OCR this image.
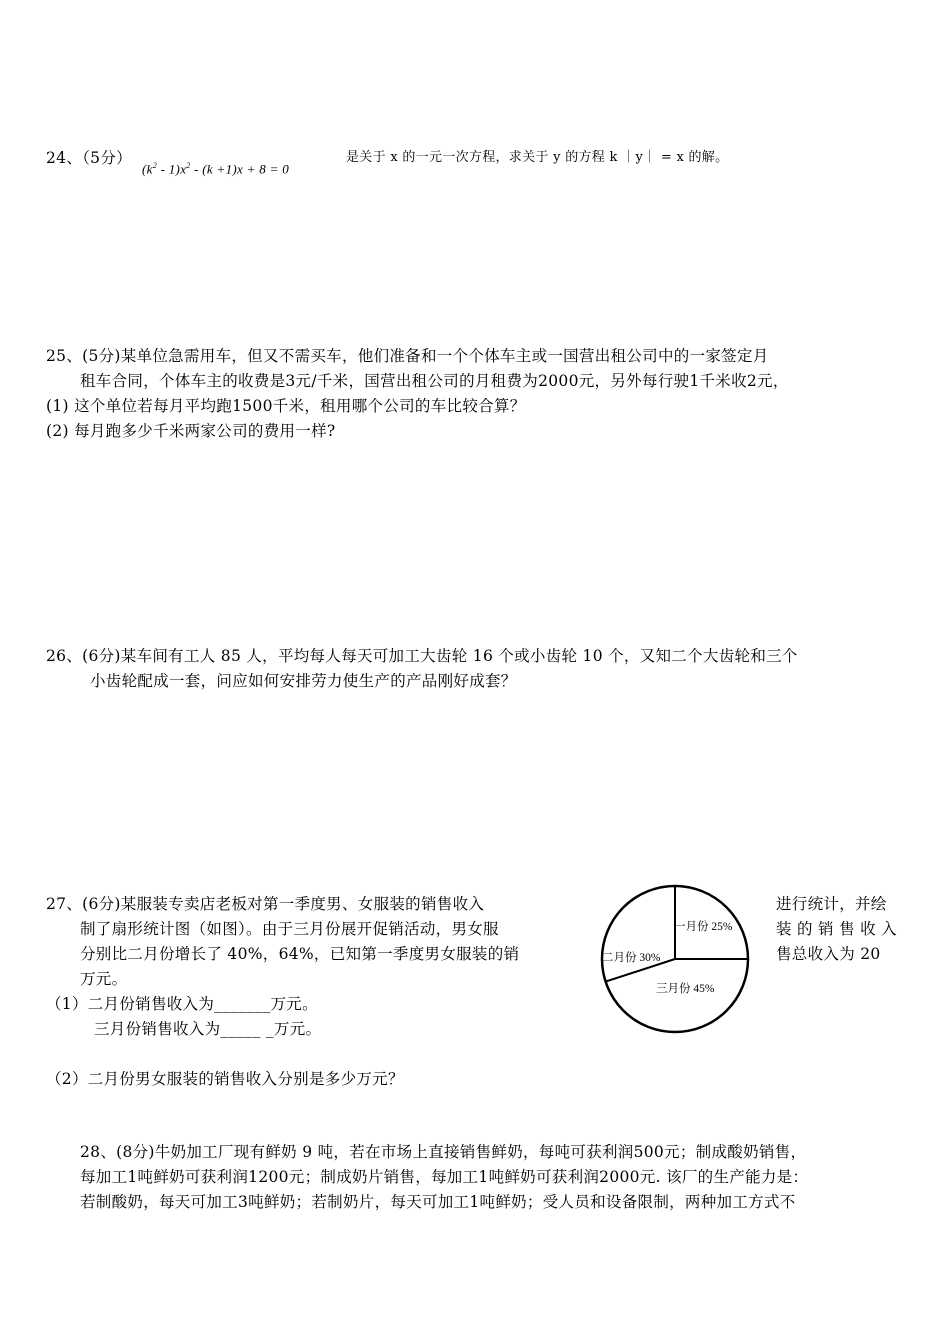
24、（5分）
$(k^2 - 1)x^2 - (k +1)x + 8 = 0$
是关于 x 的一元一次方程，求关于 y 的方程 k ｜y｜ = x 的解。
25、(5分)某单位急需用车，但又不需买车，他们准备和一个个体车主或一国营出租公司中的一家签定月
租车合同，个体车主的收费是3元/千米，国营出租公司的月租费为2000元，另外每行驶1千米收2元，
(1) 这个单位若每月平均跑1500千米，租用哪个公司的车比较合算？
(2) 每月跑多少千米两家公司的费用一样?
26、(6分)某车间有工人 85 人，平均每人每天可加工大齿轮 16 个或小齿轮 10 个，又知二个大齿轮和三个
小齿轮配成一套，问应如何安排劳力使生产的产品刚好成套？
27、(6分)某服装专卖店老板对第一季度男、女服装的销售收入	进行统计，并绘
制了扇形统计图（如图）。由于三月份展开促销活动，男女服	装 的 销 售 收 入
分别比二月份增长了 40%，64%，已知第一季度男女服装的销	售总收入为 20
万元。
（1）二月份销售收入为_______万元。
三月份销售收入为_____ _万元。
（2）二月份男女服装的销售收入分别是多少万元？
一月份 25%
三月份 45%
二月份 30%
28、(8分)牛奶加工厂现有鲜奶 9 吨，若在市场上直接销售鲜奶，每吨可获利润500元；制成酸奶销售，
每加工1吨鲜奶可获利润1200元；制成奶片销售，每加工1吨鲜奶可获利润2000元. 该厂的生产能力是：
若制酸奶，每天可加工3吨鲜奶；若制奶片，每天可加工1吨鲜奶；受人员和设备限制，两种加工方式不
